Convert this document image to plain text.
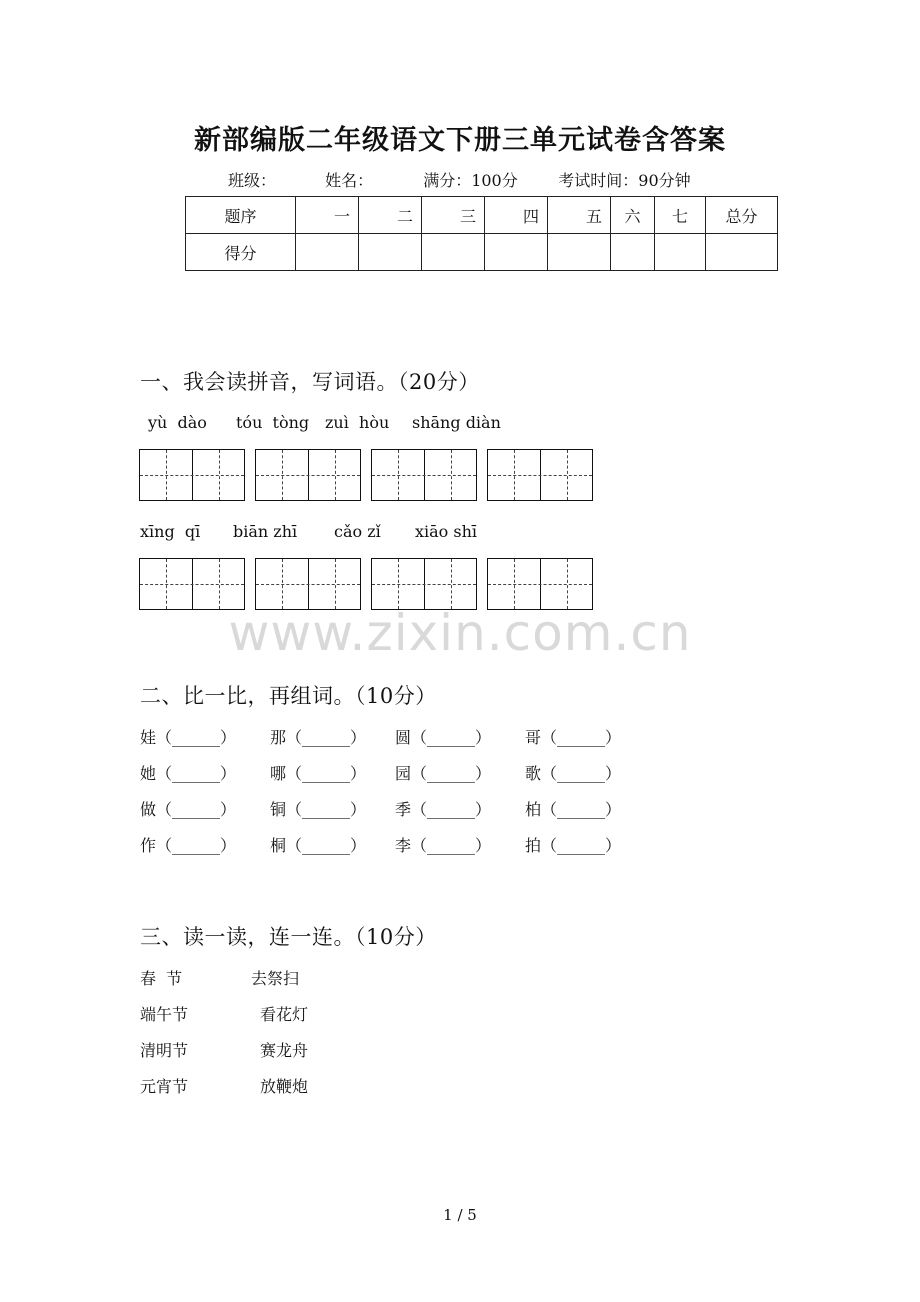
新部编版二年级语文下册三单元试卷含答案
班级：	姓名：	满分：100分	考试时间：90分钟
题序	一	二	三	四	五	六	七	总分
得分								
一、我会读拼音，写词语。（20分）
yù  dào tóu  tòng zuì  hòu shāng diàn
xīng  qī biān zhī cǎo zǐ xiāo shī
www.zixin.com.cn
二、比一比，再组词。（10分）
娃（______） 那（______） 圆（______） 哥（______）
她（______） 哪（______） 园（______） 歌（______）
做（______） 铜（______） 季（______） 柏（______）
作（______） 桐（______） 李（______） 拍（______）
三、读一读，连一连。（10分）
春  节	去祭扫
端午节	看花灯
清明节	赛龙舟
元宵节	放鞭炮
1 / 5
